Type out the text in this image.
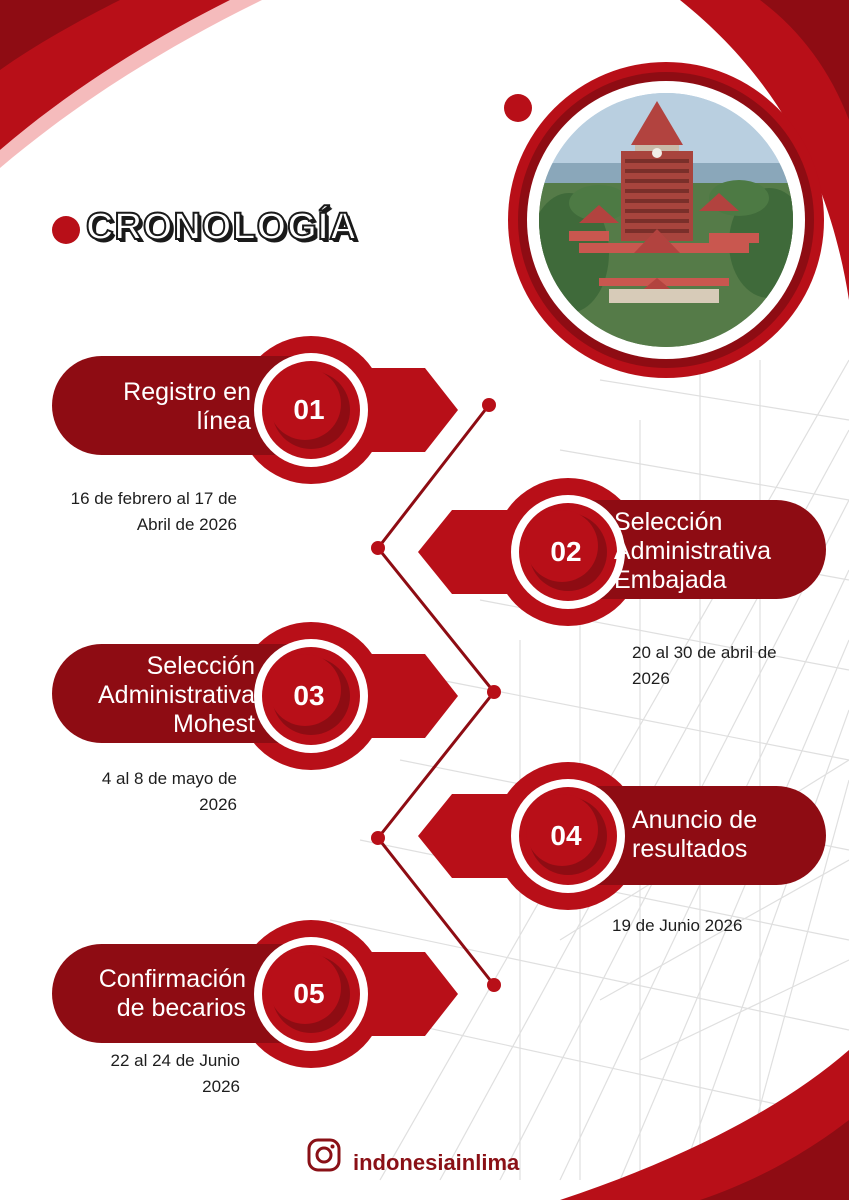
CRONOLOGÍA
Registro en
línea	01
16 de febrero al 17 de
Abril de 2026	Selección
Administrativa
Embajada
02
20 al 30 de abril de
2026
Selección
Administrativa
Mohest
03
4 al 8 de mayo de
2026
Anuncio de
resultados
04
19 de Junio 2026
Confirmación
de becarios	05
22 al 24 de Junio
2026
indonesiainlima
